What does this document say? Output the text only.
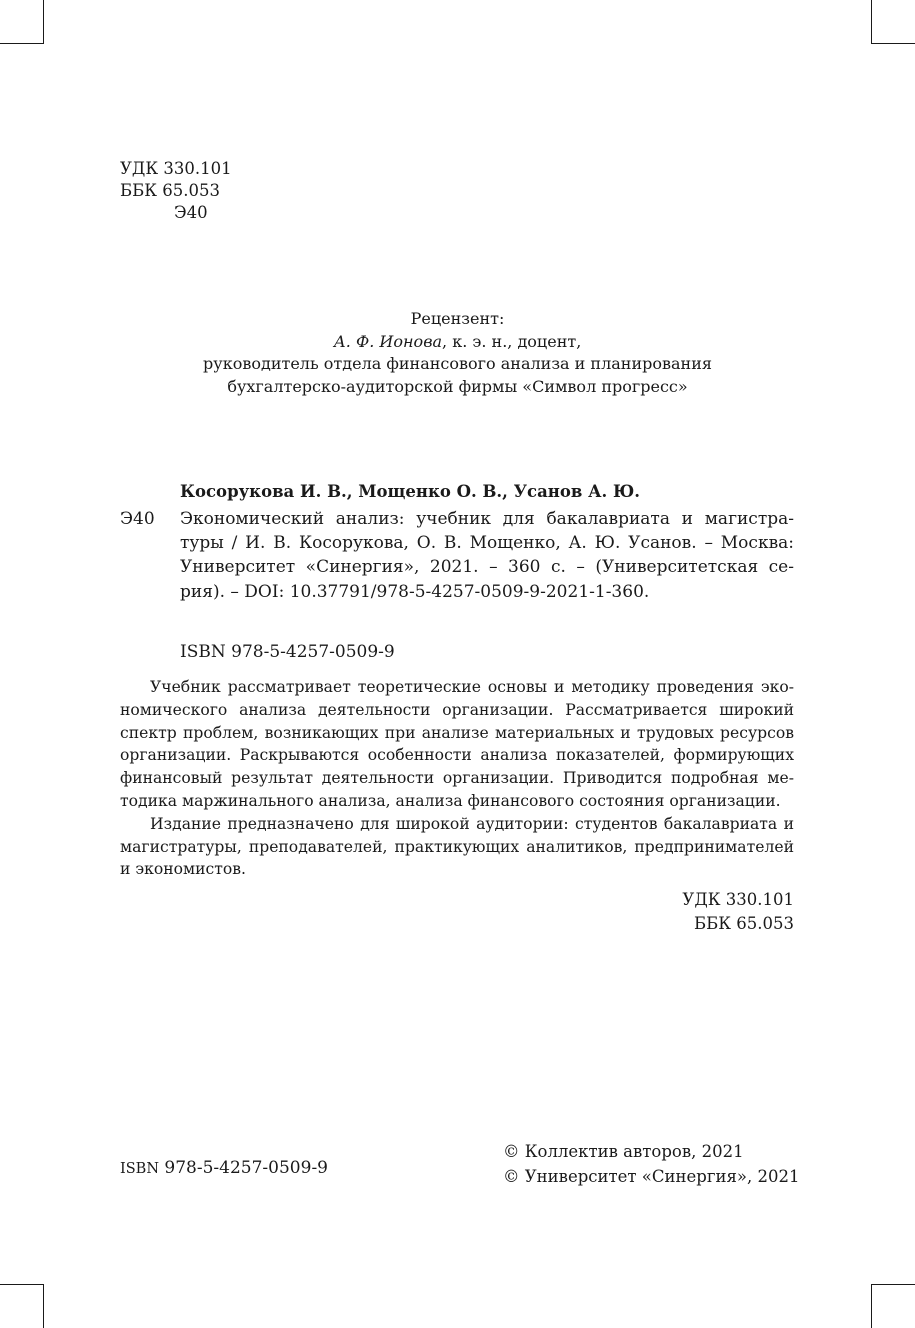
УДК 330.101
ББК 65.053
Э40
Рецензент:
А. Ф. Ионова, к. э. н., доцент,
руководитель отдела финансового анализа и планирования
бухгалтерско-аудиторской фирмы «Символ прогресс»
Косорукова И. В., Мощенко О. В., Усанов А. Ю.
Э40 Экономический анализ: учебник для бакалавриата и магистра-
туры / И. В. Косорукова, О. В. Мощенко, А. Ю. Усанов. – Москва:
Университет «Синергия», 2021. – 360 с. – (Университетская се-
рия). – DOI: 10.37791/978-5-4257-0509-9-2021-1-360.
ISBN 978-5-4257-0509-9
Учебник рассматривает теоретические основы и методику проведения эко-
номического анализа деятельности организации. Рассматривается широкий
спектр проблем, возникающих при анализе материальных и трудовых ресурсов
организации. Раскрываются особенности анализа показателей, формирующих
финансовый результат деятельности организации. Приводится подробная ме-
тодика маржинального анализа, анализа финансового состояния организации.
Издание предназначено для широкой аудитории: студентов бакалавриата и
магистратуры, преподавателей, практикующих аналитиков, предпринимателей
и экономистов.
УДК 330.101
ББК 65.053
ISBN 978-5-4257-0509-9
© Коллектив авторов, 2021
© Университет «Синергия», 2021
